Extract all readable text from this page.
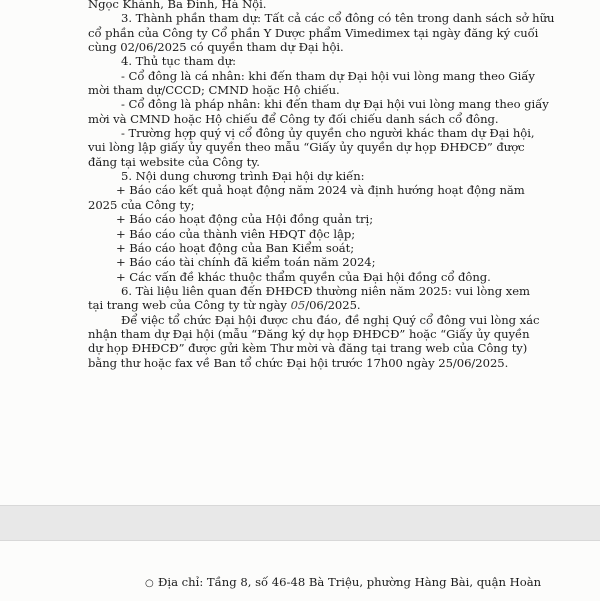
Ngọc Khánh, Ba Đình, Hà Nội.

3. Thành phần tham dự: Tất cả các cổ đông có tên trong danh sách sở hữu

cổ phần của Công ty Cổ phần Y Dược phẩm Vimedimex tại ngày đăng ký cuối

cùng 02/06/2025 có quyền tham dự Đại hội.

4. Thủ tục tham dự:

- Cổ đông là cá nhân: khi đến tham dự Đại hội vui lòng mang theo Giấy

mời tham dự/CCCD; CMND hoặc Hộ chiếu.

- Cổ đông là pháp nhân: khi đến tham dự Đại hội vui lòng mang theo giấy

mời và CMND hoặc Hộ chiếu để Công ty đối chiếu danh sách cổ đông.

- Trường hợp quý vị cổ đông ủy quyền cho người khác tham dự Đại hội,

vui lòng lập giấy ủy quyền theo mẫu “Giấy ủy quyền dự họp ĐHĐCĐ” được

đăng tại website của Công ty.

5. Nội dung chương trình Đại hội dự kiến:

+ Báo cáo kết quả hoạt động năm 2024 và định hướng hoạt động năm

2025 của Công ty;

+ Báo cáo hoạt động của Hội đồng quản trị;

+ Báo cáo của thành viên HĐQT độc lập;

+ Báo cáo hoạt động của Ban Kiểm soát;

+ Báo cáo tài chính đã kiểm toán năm 2024;

+ Các vấn đề khác thuộc thẩm quyền của Đại hội đồng cổ đông.

6. Tài liệu liên quan đến ĐHĐCĐ thường niên năm 2025: vui lòng xem

tại trang web của Công ty từ ngày 05/06/2025.

Để việc tổ chức Đại hội được chu đáo, đề nghị Quý cổ đông vui lòng xác

nhận tham dự Đại hội (mẫu “Đăng ký dự họp ĐHĐCĐ” hoặc “Giấy ủy quyền

dự họp ĐHĐCĐ” được gửi kèm Thư mời và đăng tại trang web của Công ty)

bằng thư hoặc fax về Ban tổ chức Đại hội trước 17h00 ngày 25/06/2025.

○ Địa chỉ: Tầng 8, số 46-48 Bà Triệu, phường Hàng Bài, quận Hoàn
